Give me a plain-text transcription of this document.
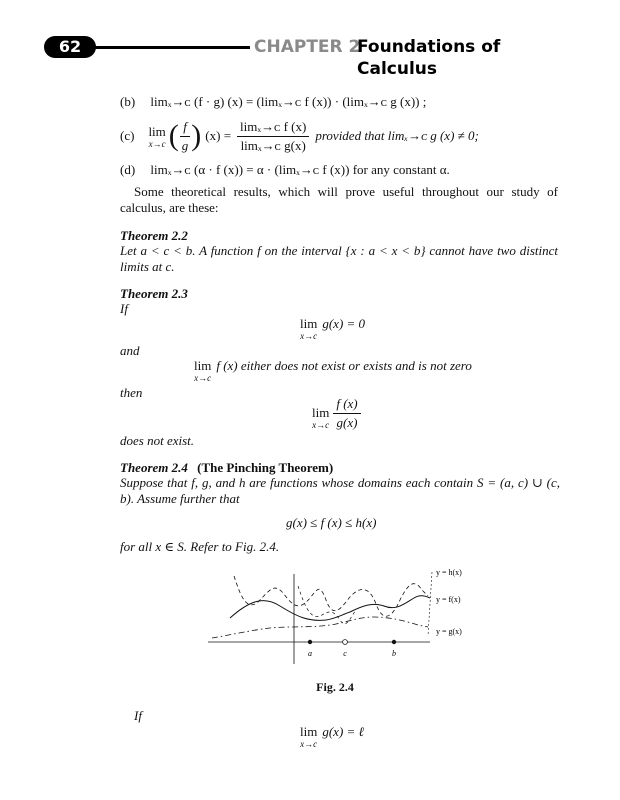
62	CHAPTER 2
Foundations of Calculus
(b) limₓ→ᴄ (f · g) (x) = (limₓ→ᴄ f (x)) · (limₓ→ᴄ g (x)) ;
(c) lim
x→c ( $\frac{f}{g}$ ) $(x) = \frac{\text{limₓ→ᴄ f (x)}}{\text{limₓ→ᴄ g(x)}}$ provided that limₓ→ᴄ g (x) ≠ 0;
(d) limₓ→ᴄ (α · f (x)) = α · (limₓ→ᴄ f (x)) for any constant α.
Some theoretical results, which will prove useful throughout our study of calculus, are these:
Theorem 2.2
Let a < c < b. A function f on the interval {x : a < x < b} cannot have two distinct limits at c.
Theorem 2.3
If
lim
x→c
g(x) = 0
and
lim
x→c
f (x) either does not exist or exists and is not zero
then
lim
$x\to c \frac{f (x)}{g(x)}$
does not exist.
Theorem 2.4 (The Pinching Theorem)
Suppose that f, g, and h are functions whose domains each contain S = (a, c) ∪ (c, b). Assume further that
g(x) ≤ f (x) ≤ h(x)
for all x ∈ S. Refer to Fig. 2.4.
a	c	b
y = h(x)
y = f(x)
y = g(x)
Fig. 2.4
If
lim
x→c
g(x) = ℓ
